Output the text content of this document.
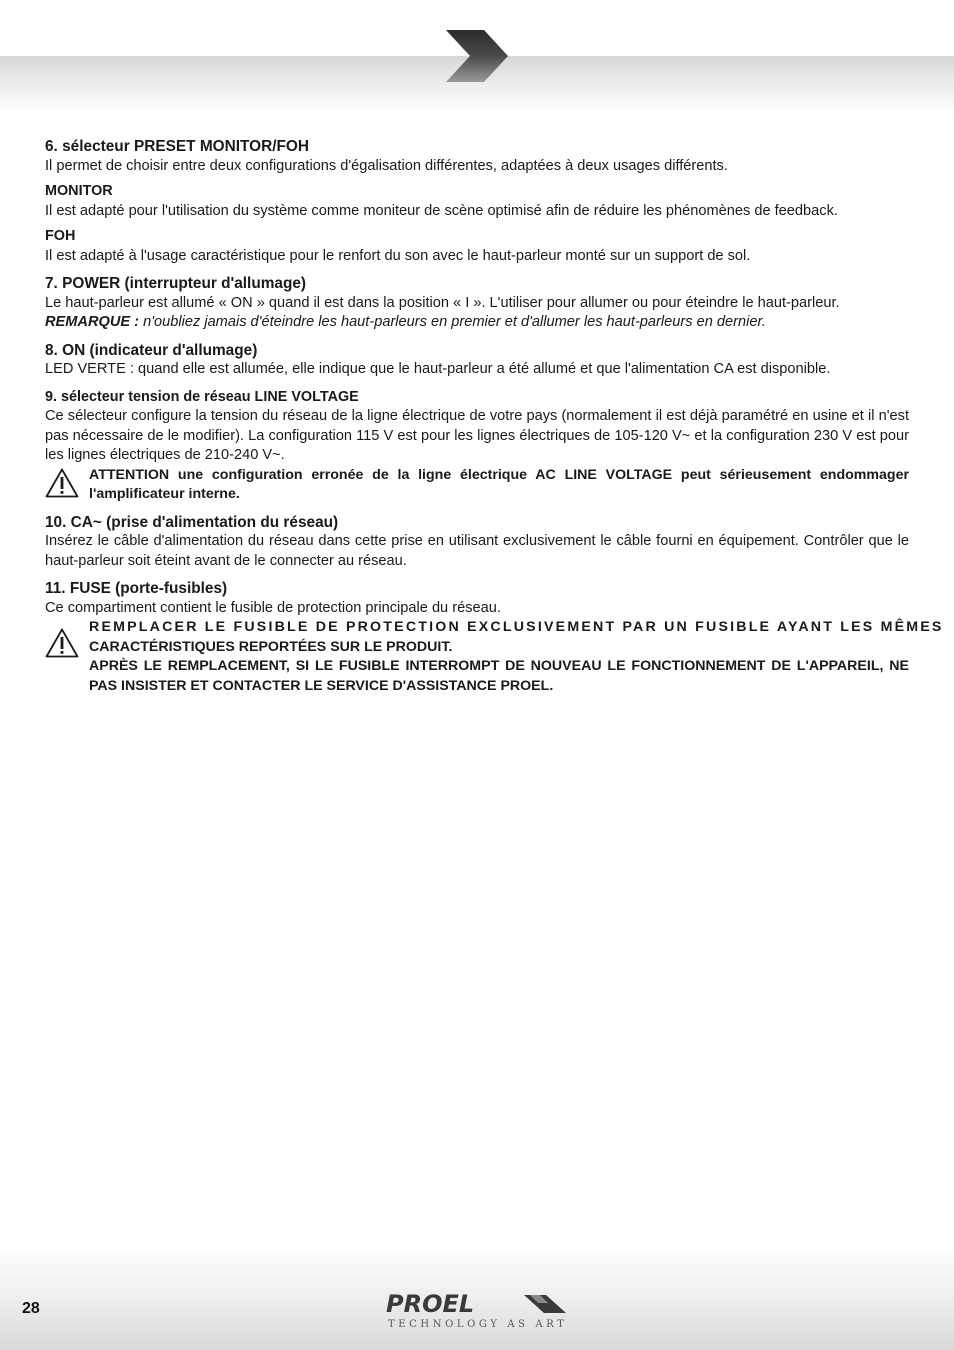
6. sélecteur PRESET MONITOR/FOH

Il permet de choisir entre deux configurations d'égalisation différentes, adaptées à deux usages différents.

MONITOR

Il est adapté pour l'utilisation du système comme moniteur de scène optimisé afin de réduire les phénomènes de feedback.

FOH

Il est adapté à l'usage caractéristique pour le renfort du son avec le haut-parleur monté sur un support de sol.

7. POWER (interrupteur d'allumage)

Le haut-parleur est allumé « ON » quand il est dans la position « I ». L'utiliser pour allumer ou pour éteindre le haut-parleur.

REMARQUE : n'oubliez jamais d'éteindre les haut-parleurs en premier et d'allumer les haut-parleurs en dernier.

8. ON (indicateur d'allumage)

LED VERTE : quand elle est allumée, elle indique que le haut-parleur a été allumé et que l'alimentation CA est disponible.

9. sélecteur tension de réseau LINE VOLTAGE

Ce sélecteur configure la tension du réseau de la ligne électrique de votre pays (normalement il est déjà paramétré en usine et il n'est pas nécessaire de le modifier). La configuration 115 V est pour les lignes électriques de 105-120 V~ et la configuration 230 V est pour les lignes électriques de 210-240 V~.

ATTENTION une configuration erronée de la ligne électrique AC LINE VOLTAGE peut sérieusement endommager l'amplificateur interne.

10. CA~ (prise d'alimentation du réseau)

Insérez le câble d'alimentation du réseau dans cette prise en utilisant exclusivement le câble fourni en équipement. Contrôler que le haut-parleur soit éteint avant de le connecter au réseau.

11. FUSE (porte-fusibles)

Ce compartiment contient le fusible de protection principale du réseau.

REMPLACER LE FUSIBLE DE PROTECTION EXCLUSIVEMENT PAR UN FUSIBLE AYANT LES MÊMES

CARACTÉRISTIQUES REPORTÉES SUR LE PRODUIT.

APRÈS LE REMPLACEMENT, SI LE FUSIBLE INTERROMPT DE NOUVEAU LE FONCTIONNEMENT DE L'APPAREIL, NE PAS INSISTER ET CONTACTER LE SERVICE D'ASSISTANCE PROEL.

28	PROEL
TECHNOLOGY AS ART
